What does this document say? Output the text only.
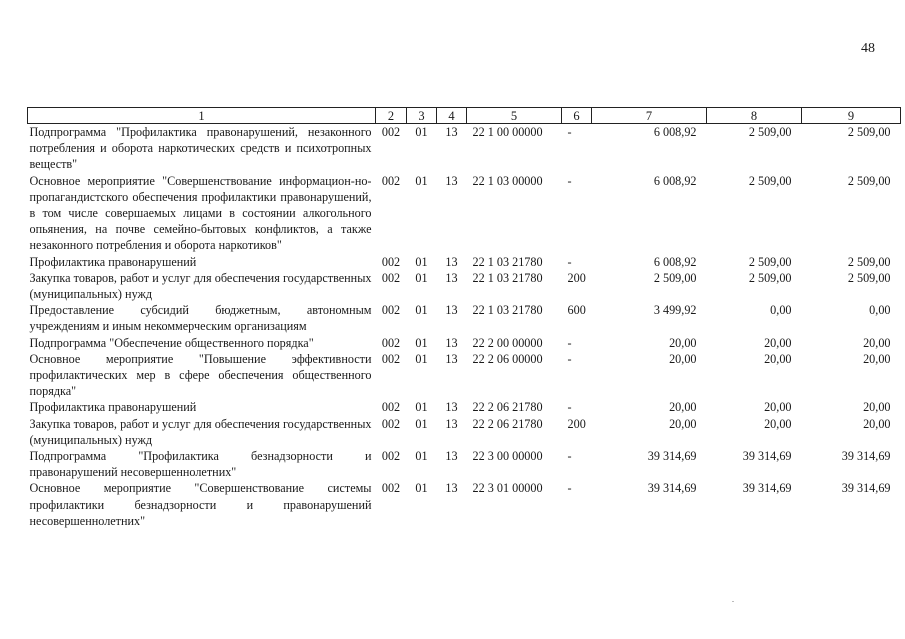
48
1	2	3	4	5	6	7	8	9
Подпрограмма "Профилактика правонарушений, незаконного потребления и оборота наркотических средств и психотропных веществ"	002	01	13	22 1 00 00000	-	6 008,92	2 509,00	2 509,00
Основное мероприятие "Совершенствование информацион-но-пропагандистского обеспечения профилактики правонарушений, в том числе совершаемых лицами в состоянии алкогольного опьянения, на почве семейно-бытовых конфликтов, а также незаконного потребления и оборота наркотиков"	002	01	13	22 1 03 00000	-	6 008,92	2 509,00	2 509,00
Профилактика правонарушений	002	01	13	22 1 03 21780	-	6 008,92	2 509,00	2 509,00
Закупка товаров, работ и услуг для обеспечения государственных (муниципальных) нужд	002	01	13	22 1 03 21780	200	2 509,00	2 509,00	2 509,00
Предоставление субсидий бюджетным, автономным учреждениям и иным некоммерческим организациям	002	01	13	22 1 03 21780	600	3 499,92	0,00	0,00
Подпрограмма "Обеспечение общественного порядка"	002	01	13	22 2 00 00000	-	20,00	20,00	20,00
Основное мероприятие "Повышение эффективности профилактических мер в сфере обеспечения общественного порядка"	002	01	13	22 2 06 00000	-	20,00	20,00	20,00
Профилактика правонарушений	002	01	13	22 2 06 21780	-	20,00	20,00	20,00
Закупка товаров, работ и услуг для обеспечения государственных (муниципальных) нужд	002	01	13	22 2 06 21780	200	20,00	20,00	20,00
Подпрограмма "Профилактика безнадзорности и правонарушений несовершеннолетних"	002	01	13	22 3 00 00000	-	39 314,69	39 314,69	39 314,69
Основное мероприятие "Совершенствование системы профилактики безнадзорности и правонарушений несовершеннолетних"	002	01	13	22 3 01 00000	-	39 314,69	39 314,69	39 314,69
